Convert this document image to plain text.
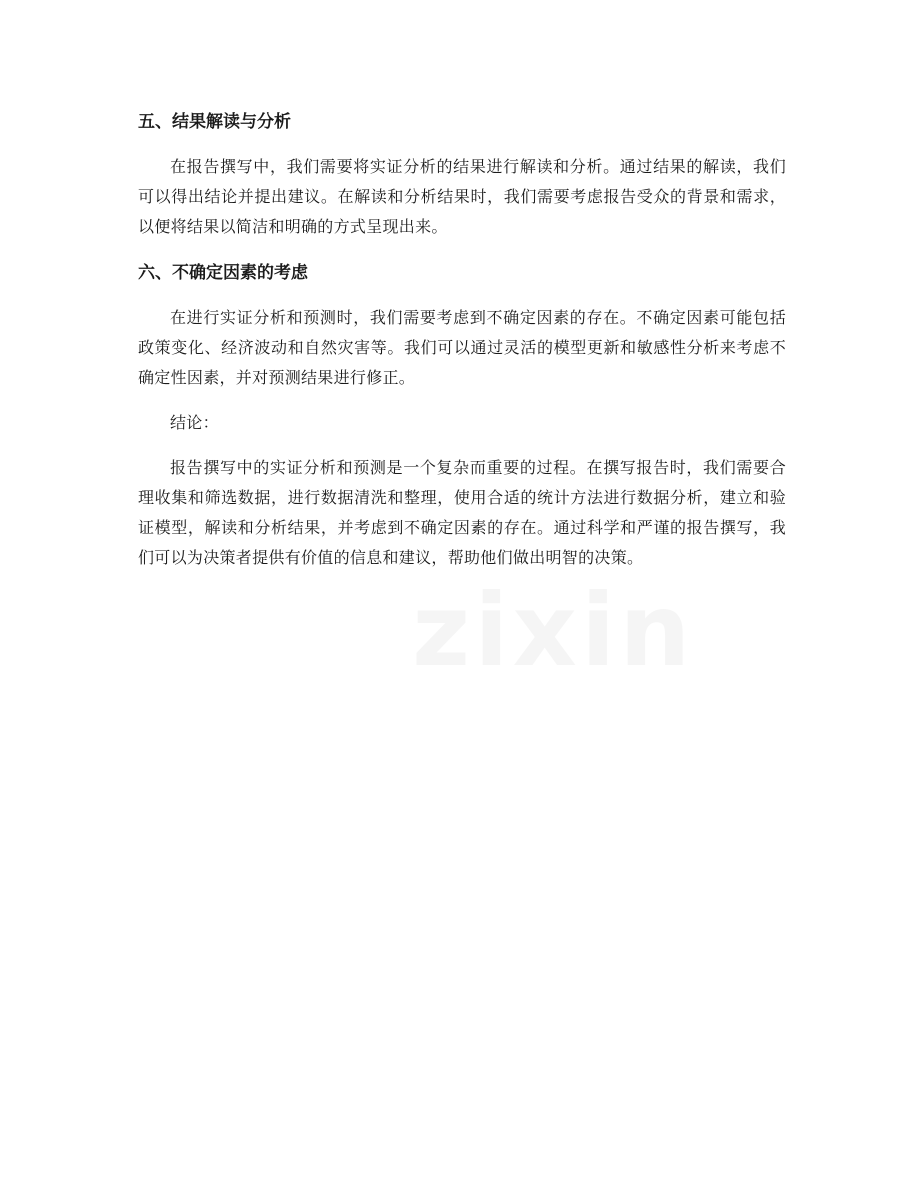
五、结果解读与分析

在报告撰写中，我们需要将实证分析的结果进行解读和分析。通过结果的解读，我们可以得出结论并提出建议。在解读和分析结果时，我们需要考虑报告受众的背景和需求，以便将结果以简洁和明确的方式呈现出来。

六、不确定因素的考虑

在进行实证分析和预测时，我们需要考虑到不确定因素的存在。不确定因素可能包括政策变化、经济波动和自然灾害等。我们可以通过灵活的模型更新和敏感性分析来考虑不确定性因素，并对预测结果进行修正。

结论：

报告撰写中的实证分析和预测是一个复杂而重要的过程。在撰写报告时，我们需要合理收集和筛选数据，进行数据清洗和整理，使用合适的统计方法进行数据分析，建立和验证模型，解读和分析结果，并考虑到不确定因素的存在。通过科学和严谨的报告撰写，我们可以为决策者提供有价值的信息和建议，帮助他们做出明智的决策。
